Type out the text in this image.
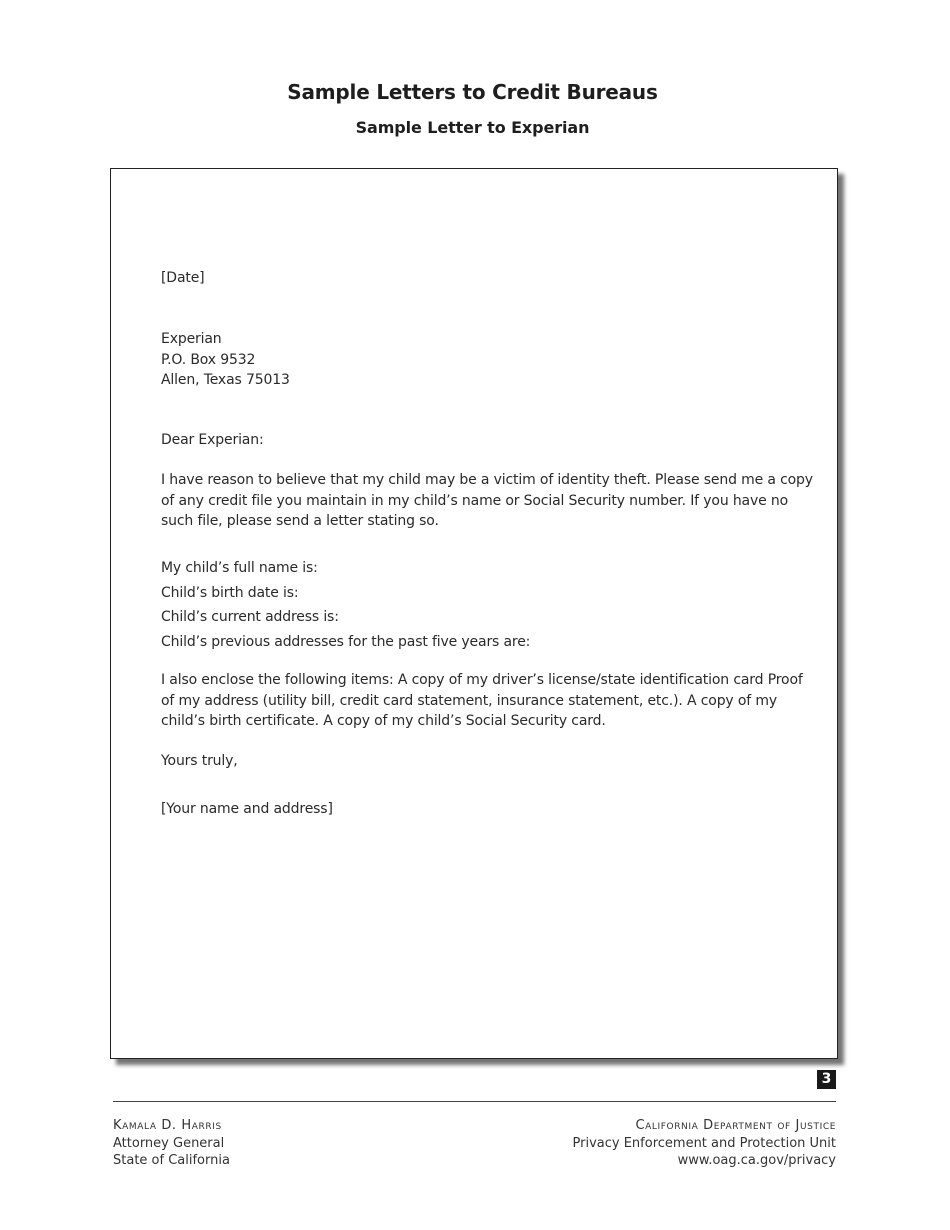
Sample Letters to Credit Bureaus
Sample Letter to Experian
[Date]
Experian
P.O. Box 9532
Allen, Texas 75013
Dear Experian:
I have reason to believe that my child may be a victim of identity theft. Please send me a copy
of any credit file you maintain in my child’s name or Social Security number. If you have no
such file, please send a letter stating so.
My child’s full name is:
Child’s birth date is:
Child’s current address is:
Child’s previous addresses for the past five years are:
I also enclose the following items: A copy of my driver’s license/state identification card Proof
of my address (utility bill, credit card statement, insurance statement, etc.). A copy of my
child’s birth certificate. A copy of my child’s Social Security card.
Yours truly,
[Your name and address]
3
Kamala D. Harris
Attorney General
State of California
California Department of Justice
Privacy Enforcement and Protection Unit
www.oag.ca.gov/privacy
